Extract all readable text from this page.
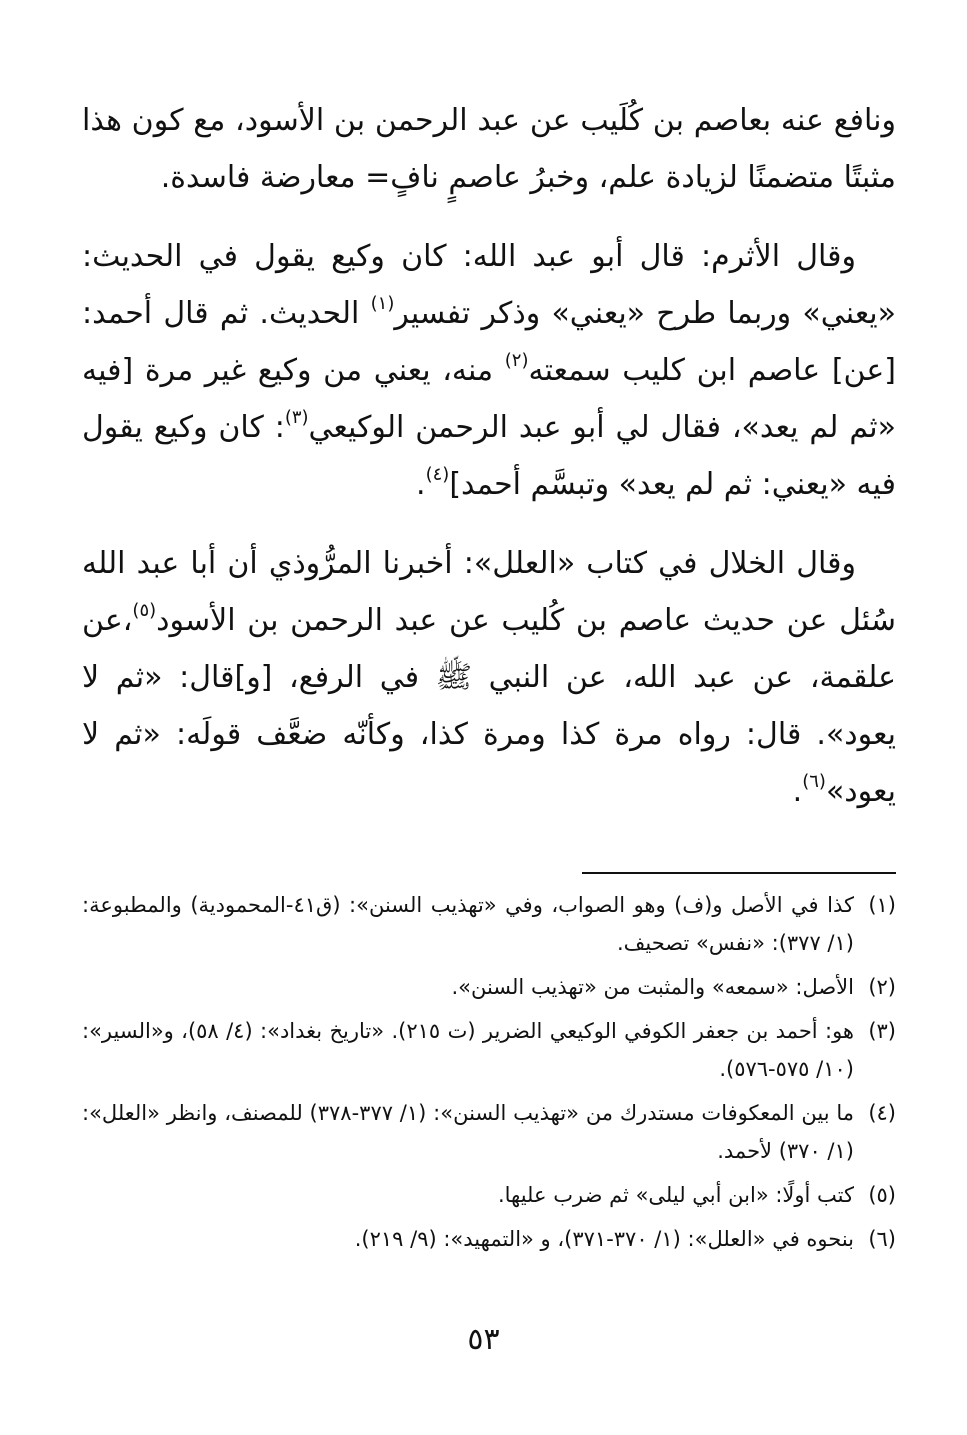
ونافع عنه بعاصم بن كُلَيب عن عبد الرحمن بن الأسود، مع كون هذا مثبتًا متضمنًا لزيادة علم، وخبرُ عاصمٍ نافٍ= معارضة فاسدة.

وقال الأثرم: قال أبو عبد الله: كان وكيع يقول في الحديث: «يعني» وربما طرح «يعني» وذكر تفسير$^{(١)}$ الحديث. ثم قال أحمد: [عن] عاصم ابن كليب سمعته$^{(٢)}$ منه، يعني من وكيع غير مرة [فيه «ثم لم يعد»، فقال لي أبو عبد الرحمن الوكيعي$^{(٣)}$: كان وكيع يقول فيه «يعني: ثم لم يعد» وتبسَّم أحمد]$^{(٤)}$.

وقال الخلال في كتاب «العلل»: أخبرنا المرُّوذي أن أبا عبد الله سُئل عن حديث عاصم بن كُليب عن عبد الرحمن بن الأسود$^{(٥)}$،عن علقمة، عن عبد الله، عن النبي ﷺ في الرفع، [و]قال: «ثم لا يعود». قال: رواه مرة كذا ومرة كذا، وكأنّه ضعَّف قولَه: «ثم لا يعود»$^{(٦)}$.

(١)
كذا في الأصل و(ف) وهو الصواب، وفي «تهذيب السنن»: (ق٤١-المحمودية) والمطبوعة: (١/ ٣٧٧): «نفس» تصحيف.
(٢)
الأصل: «سمعه» والمثبت من «تهذيب السنن».
(٣)
هو: أحمد بن جعفر الكوفي الوكيعي الضرير (ت ٢١٥). «تاريخ بغداد»: (٤/ ٥٨)، و«السير»: (١٠/ ٥٧٥-٥٧٦).
(٤)
ما بين المعكوفات مستدرك من «تهذيب السنن»: (١/ ٣٧٧-٣٧٨) للمصنف، وانظر «العلل»: (١/ ٣٧٠) لأحمد.
(٥)
كتب أولًا: «ابن أبي ليلى» ثم ضرب عليها.
(٦)
بنحوه في «العلل»: (١/ ٣٧٠-٣٧١)، و «التمهيد»: (٩/ ٢١٩).
٥٣
